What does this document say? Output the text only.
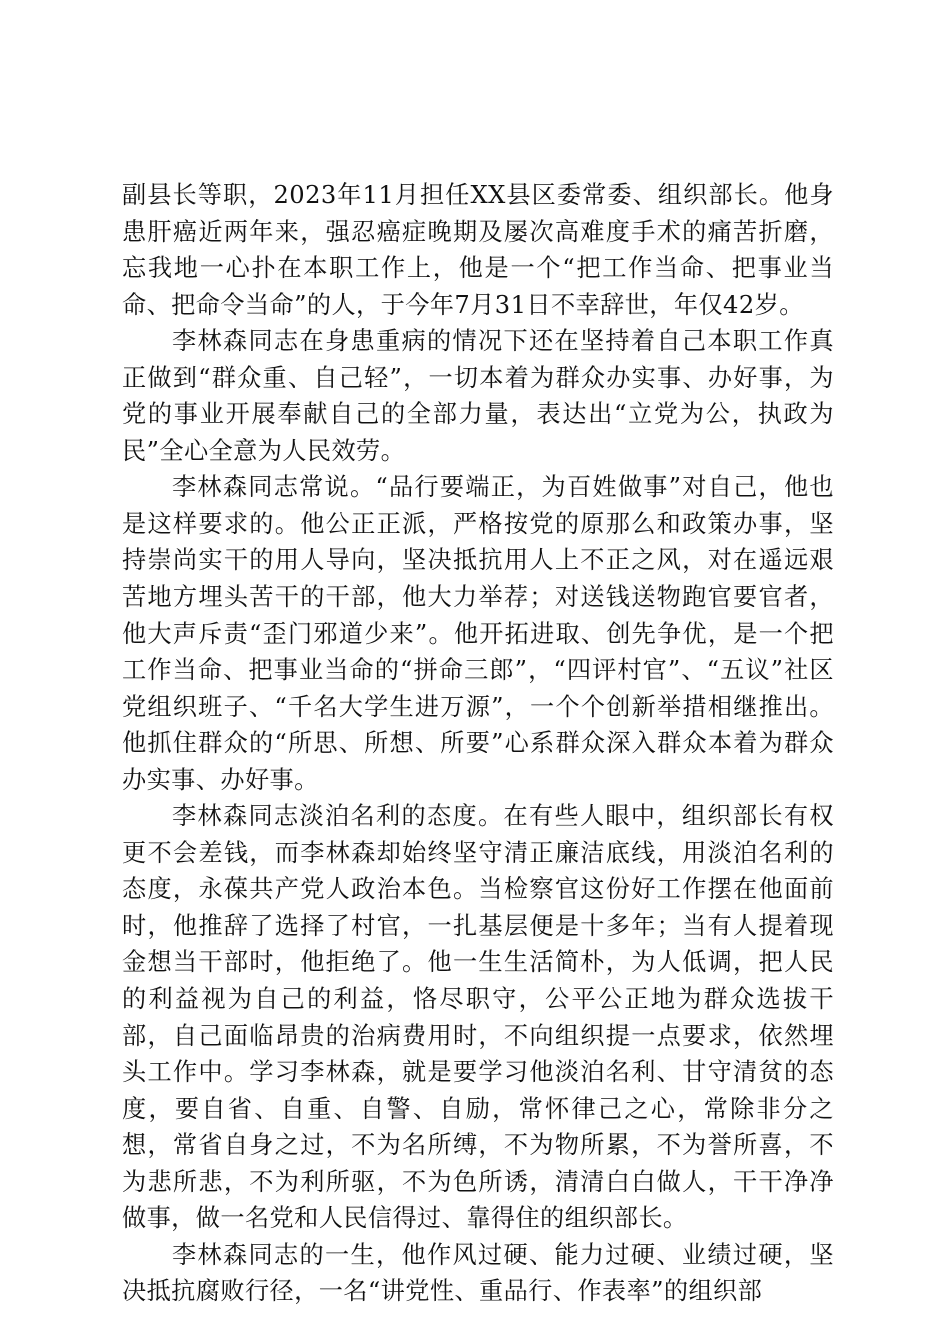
副县长等职，2023年11月担任XX县区委常委、组织部长。他身患肝癌近两年来，强忍癌症晚期及屡次高难度手术的痛苦折磨，忘我地一心扑在本职工作上，他是一个“把工作当命、把事业当命、把命令当命”的人，于今年7月31日不幸辞世，年仅42岁。

李林森同志在身患重病的情况下还在坚持着自己本职工作真正做到“群众重、自己轻”，一切本着为群众办实事、办好事，为党的事业开展奉献自己的全部力量，表达出“立党为公，执政为民”全心全意为人民效劳。

李林森同志常说。“品行要端正，为百姓做事”对自己，他也是这样要求的。他公正正派，严格按党的原那么和政策办事，坚持崇尚实干的用人导向，坚决抵抗用人上不正之风，对在遥远艰苦地方埋头苦干的干部，他大力举荐；对送钱送物跑官要官者，他大声斥责“歪门邪道少来”。他开拓进取、创先争优，是一个把工作当命、把事业当命的“拼命三郎”，“四评村官”、“五议”社区党组织班子、“千名大学生进万源”，一个个创新举措相继推出。他抓住群众的“所思、所想、所要”心系群众深入群众本着为群众办实事、办好事。

李林森同志淡泊名利的态度。在有些人眼中，组织部长有权更不会差钱，而李林森却始终坚守清正廉洁底线，用淡泊名利的态度，永葆共产党人政治本色。当检察官这份好工作摆在他面前时，他推辞了选择了村官，一扎基层便是十多年；当有人提着现金想当干部时，他拒绝了。他一生生活简朴，为人低调，把人民的利益视为自己的利益，恪尽职守，公平公正地为群众选拔干部，自己面临昂贵的治病费用时，不向组织提一点要求，依然埋头工作中。学习李林森，就是要学习他淡泊名利、甘守清贫的态度，要自省、自重、自警、自励，常怀律己之心，常除非分之想，常省自身之过，不为名所缚，不为物所累，不为誉所喜，不为悲所悲，不为利所驱，不为色所诱，清清白白做人，干干净净做事，做一名党和人民信得过、靠得住的组织部长。

李林森同志的一生，他作风过硬、能力过硬、业绩过硬，坚决抵抗腐败行径，一名“讲党性、重品行、作表率”的组织部
